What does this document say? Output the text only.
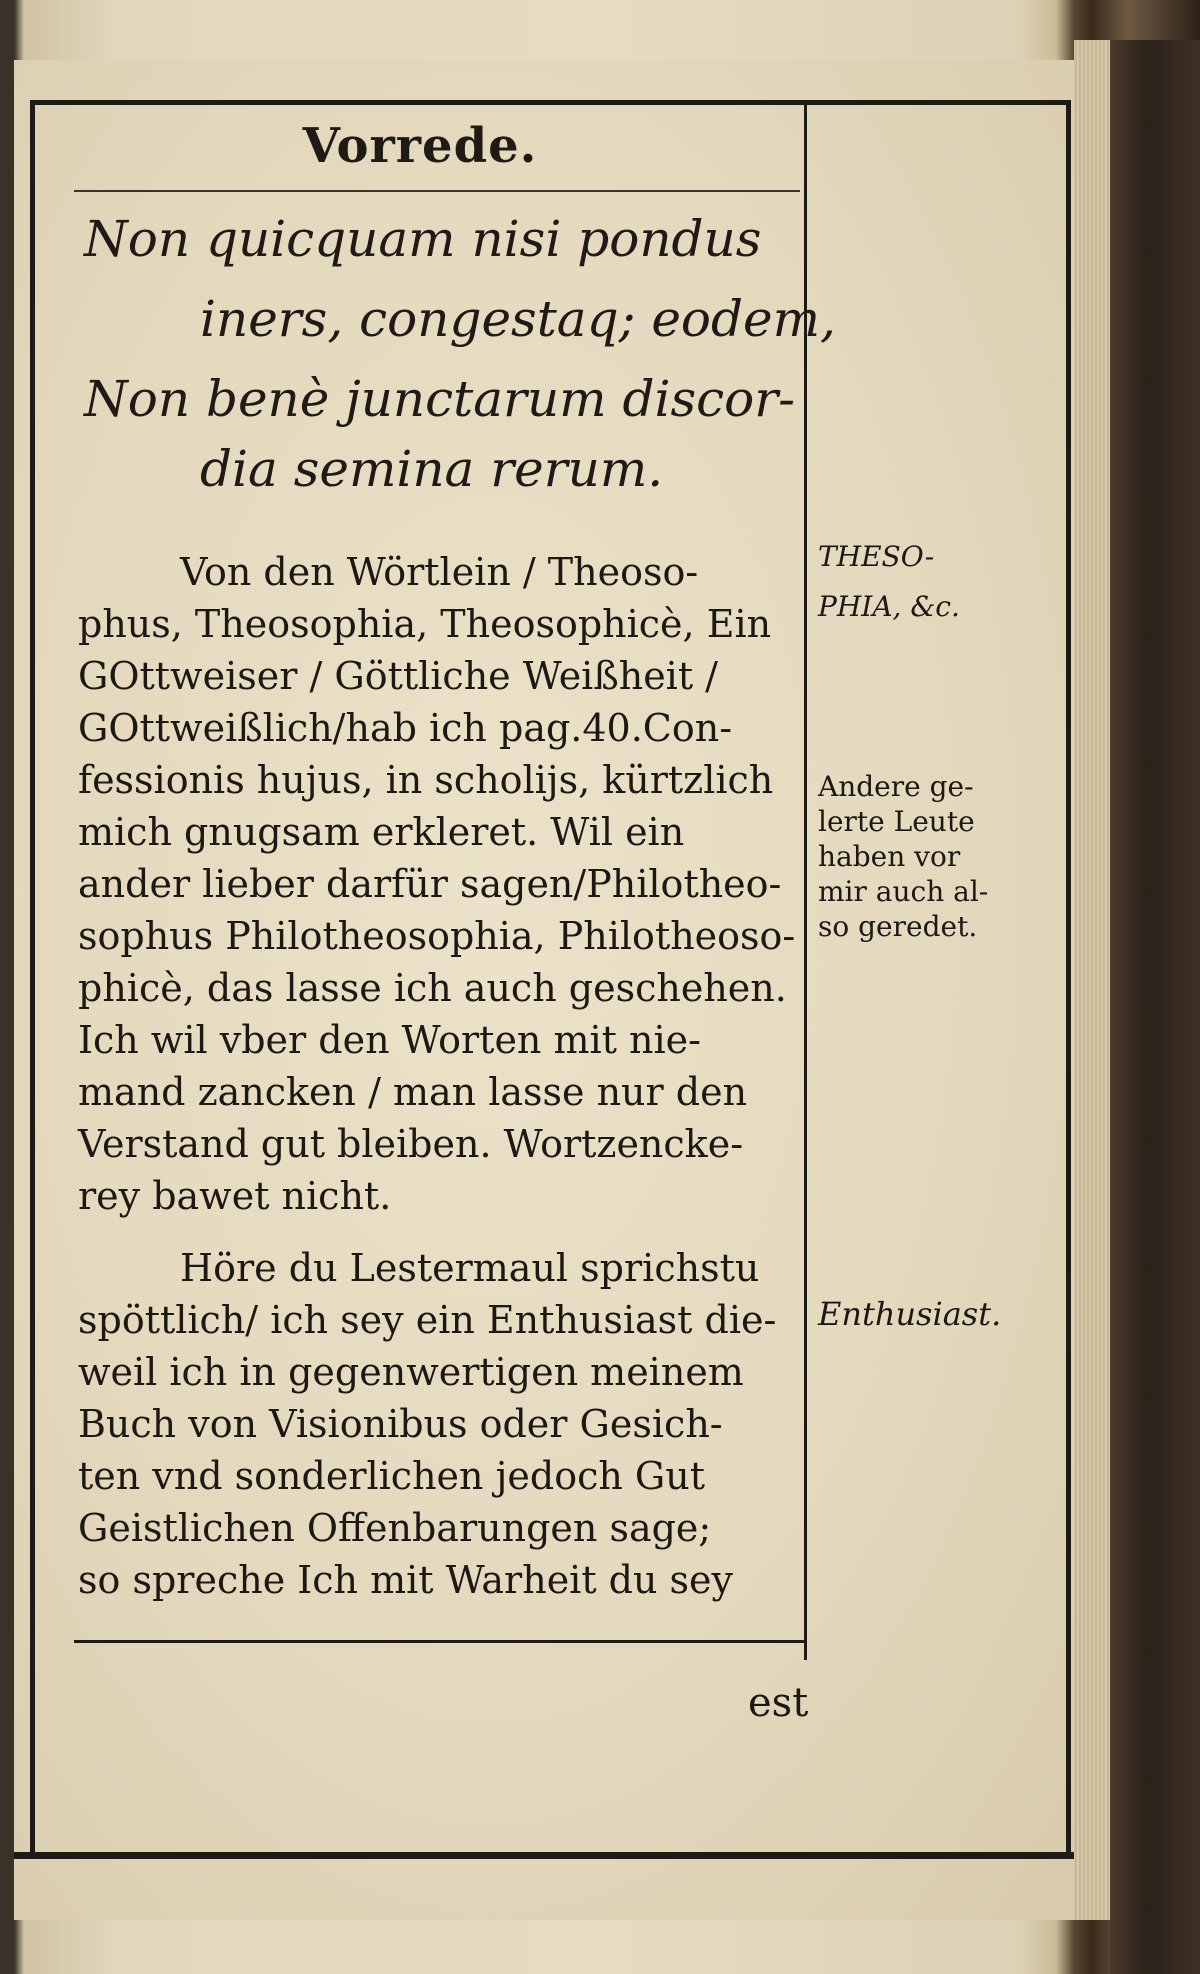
Vorrede.
Non quicquam nisi pondus
iners, congestaq; eodem,
Non benè junctarum discor-
dia semina rerum.
Von den Wörtlein / Theoso-
phus, Theosophia, Theosophicè, Ein
GOttweiser / Göttliche Weißheit /
GOttweißlich/hab ich pag.40.Con-
fessionis hujus, in scholijs, kürtzlich
mich gnugsam erkleret. Wil ein
ander lieber darfür sagen/Philotheo-
sophus Philotheosophia, Philotheoso-
phicè, das lasse ich auch geschehen.
Ich wil vber den Worten mit nie-
mand zancken / man lasse nur den
Verstand gut bleiben. Wortzencke-
rey bawet nicht.
Höre du Lestermaul sprichstu
spöttlich/ ich sey ein Enthusiast die-
weil ich in gegenwertigen meinem
Buch von Visionibus oder Gesich-
ten vnd sonderlichen jedoch Gut
Geistlichen Offenbarungen sage;
so spreche Ich mit Warheit du sey
THESO-
PHIA, &c.
Andere ge-
lerte Leute
haben vor
mir auch al-
so geredet.
Enthusiast.
est
